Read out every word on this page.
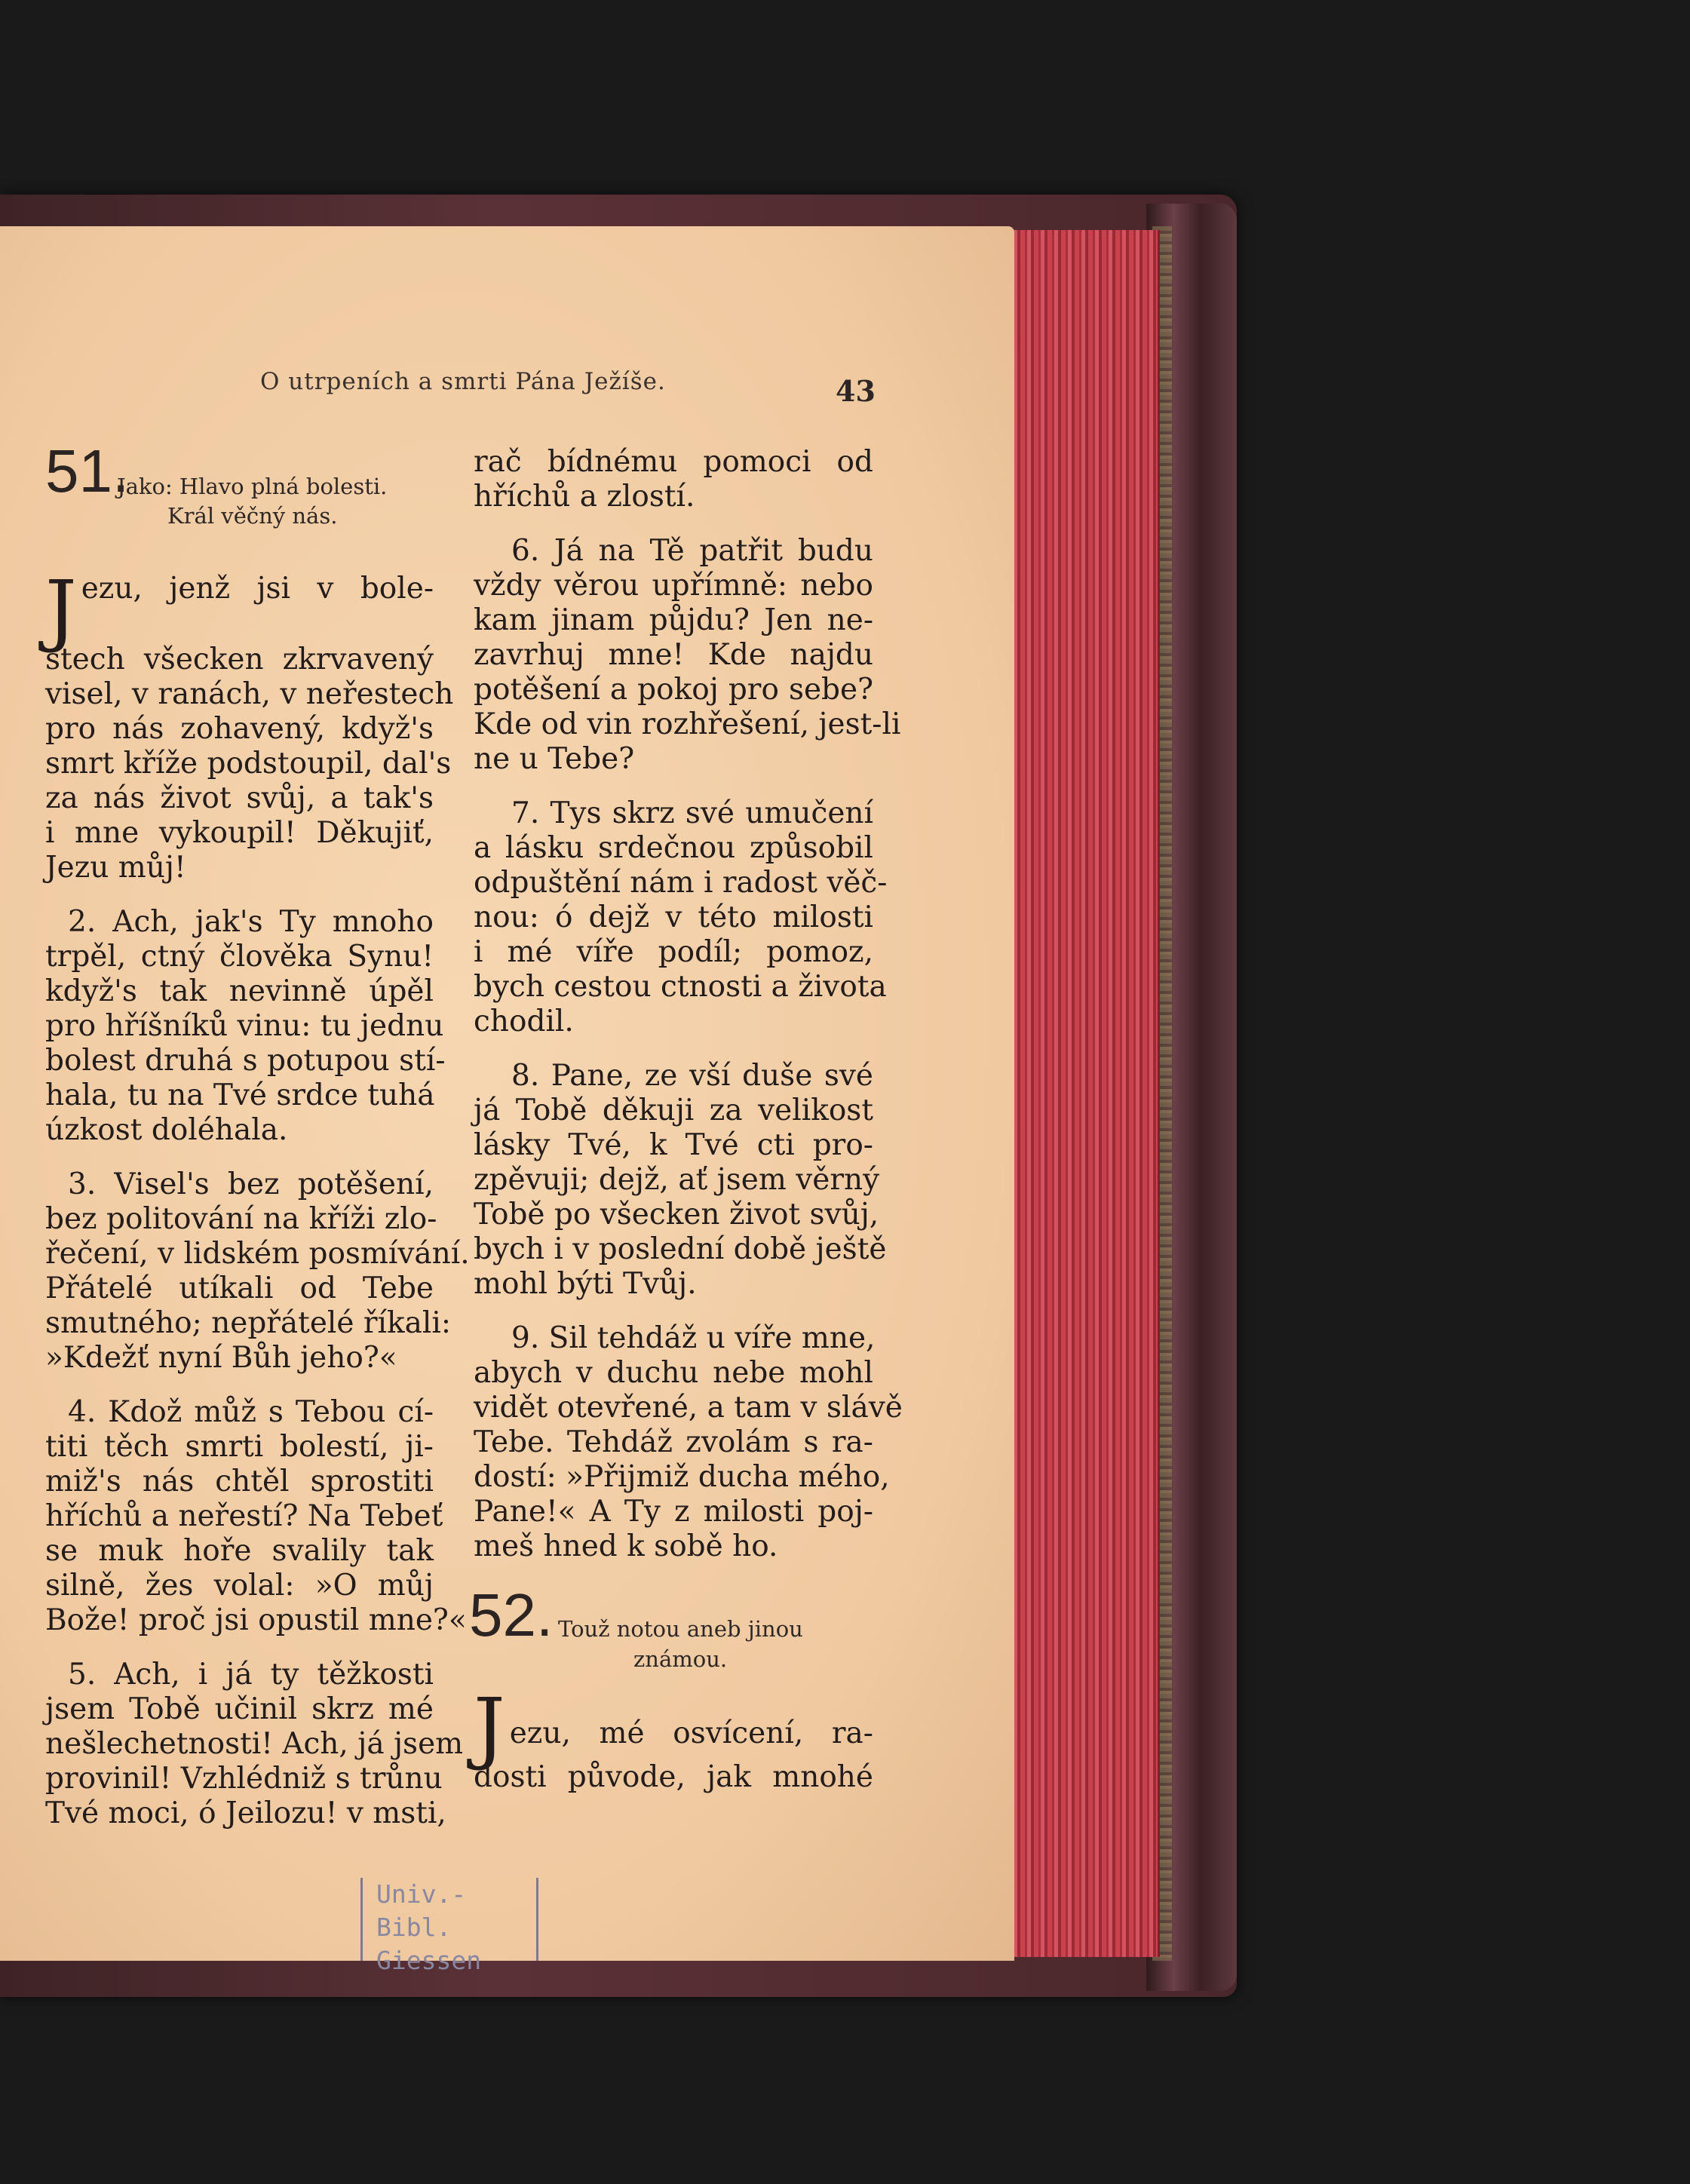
O utrpeních a smrti Pána Ježíše.	43
51.
Jako: Hlavo plná bolesti.
Král věčný nás.

J ezu, jenž jsi v bole-
stech všecken zkrvavený
visel, v ranách, v neřestech
pro nás zohavený, když's
smrt kříže podstoupil, dal's
za nás život svůj, a tak's
i mne vykoupil! Děkujiť,
Jezu můj!

2. Ach, jak's Ty mnoho
trpěl, ctný člověka Synu!
když's tak nevinně úpěl
pro hříšníků vinu: tu jednu
bolest druhá s potupou stí-
hala, tu na Tvé srdce tuhá
úzkost doléhala.

3. Visel's bez potěšení,
bez politování na kříži zlo-
řečení, v lidském posmívání.
Přátelé utíkali od Tebe
smutného; nepřátelé říkali:
»Kdežť nyní Bůh jeho?«

4. Kdož můž s Tebou cí-
titi těch smrti bolestí, ji-
miž's nás chtěl sprostiti
hříchů a neřestí? Na Tebeť
se muk hoře svalily tak
silně, žes volal: »O můj
Bože! proč jsi opustil mne?«

5. Ach, i já ty těžkosti
jsem Tobě učinil skrz mé
nešlechetnosti! Ach, já jsem
provinil! Vzhlédniž s trůnu
Tvé moci, ó Jeilozu! v msti,

rač bídnému pomoci od
hříchů a zlostí.

6. Já na Tě patřit budu
vždy věrou upřímně: nebo
kam jinam půjdu? Jen ne-
zavrhuj mne! Kde najdu
potěšení a pokoj pro sebe?
Kde od vin rozhřešení, jest-li
ne u Tebe?

7. Tys skrz své umučení
a lásku srdečnou způsobil
odpuštění nám i radost věč-
nou: ó dejž v této milosti
i mé víře podíl; pomoz,
bych cestou ctnosti a života
chodil.

8. Pane, ze vší duše své
já Tobě děkuji za velikost
lásky Tvé, k Tvé cti pro-
zpěvuji; dejž, ať jsem věrný
Tobě po všecken život svůj,
bych i v poslední době ještě
mohl býti Tvůj.

9. Sil tehdáž u víře mne,
abych v duchu nebe mohl
vidět otevřené, a tam v slávě
Tebe. Tehdáž zvolám s ra-
dostí: »Přijmiž ducha mého,
Pane!« A Ty z milosti poj-
meš hned k sobě ho.

52. Touž notou aneb jinou
známou.

J ezu, mé osvícení, ra-
dosti původe, jak mnohé

Univ.-Bibl.
Giessen
